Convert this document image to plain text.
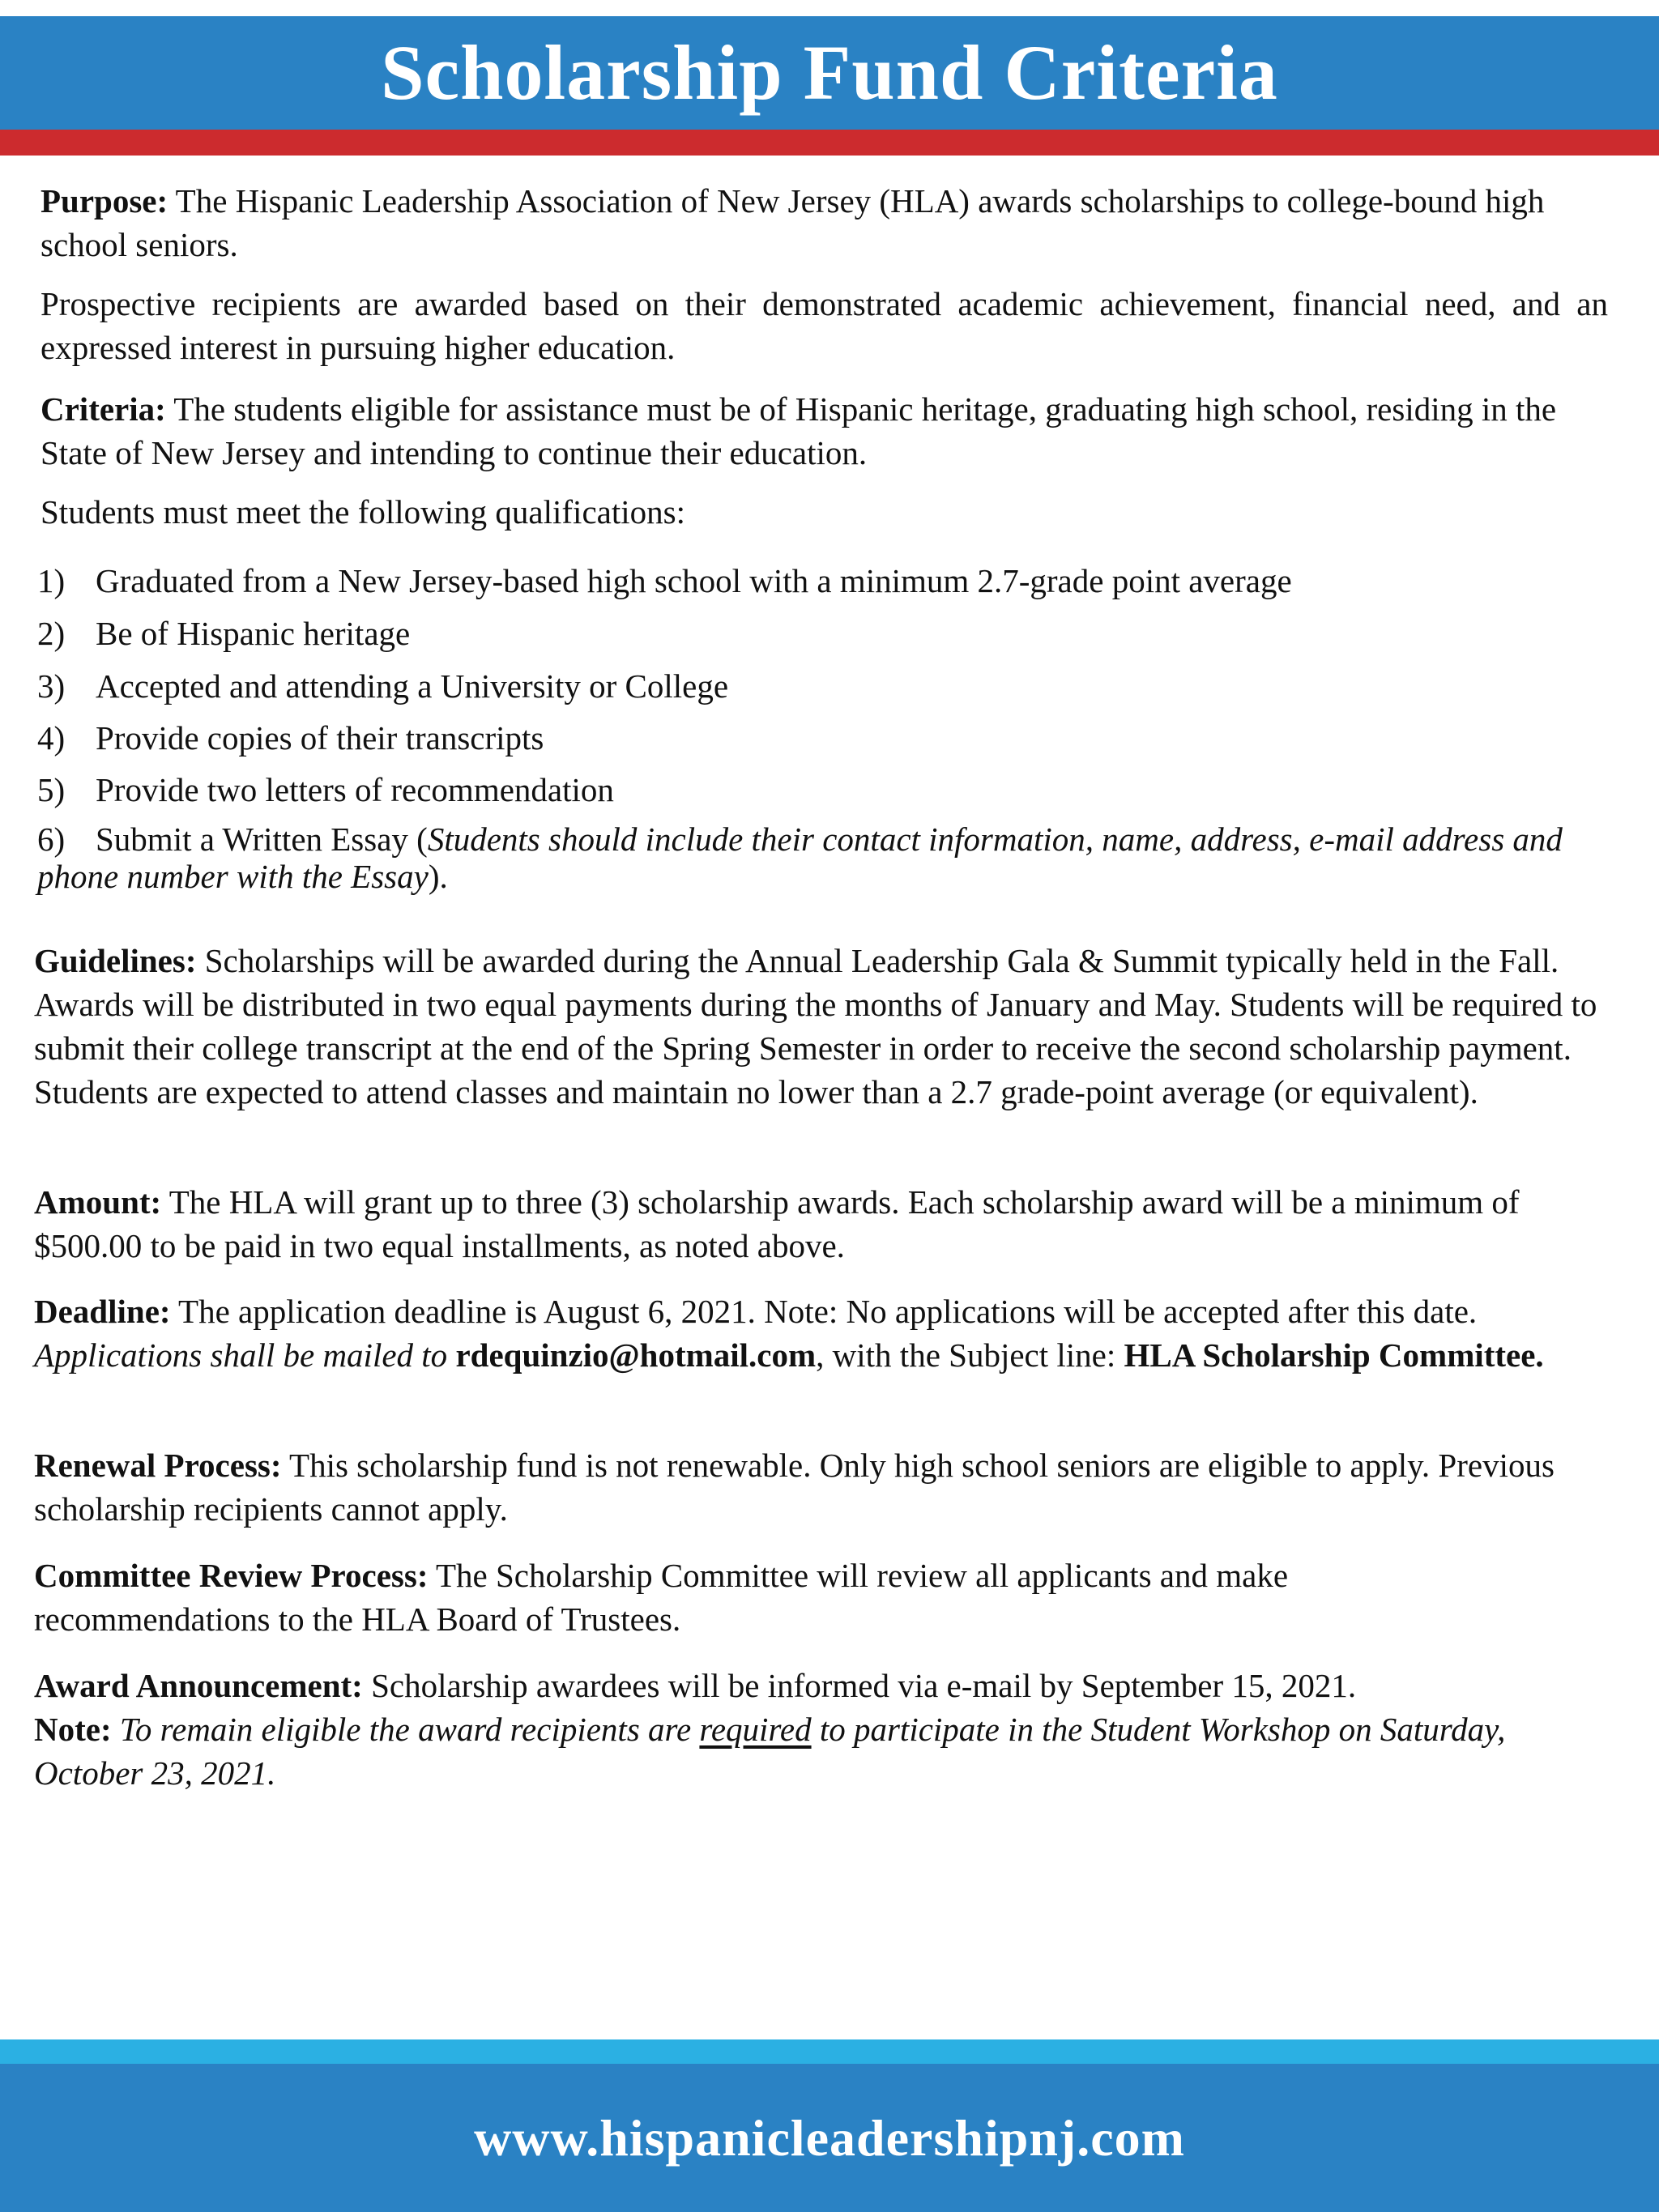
Scholarship Fund Criteria

Purpose: The Hispanic Leadership Association of New Jersey (HLA) awards scholarships to college-bound high school seniors.

Prospective recipients are awarded based on their demonstrated academic achievement, financial need, and an expressed interest in pursuing higher education.

Criteria: The students eligible for assistance must be of Hispanic heritage, graduating high school, residing in the State of New Jersey and intending to continue their education.

Students must meet the following qualifications:

1) Graduated from a New Jersey-based high school with a minimum 2.7-grade point average

2) Be of Hispanic heritage

3) Accepted and attending a University or College

4) Provide copies of their transcripts

5) Provide two letters of recommendation

6) Submit a Written Essay (Students should include their contact information, name, address, e-mail address and phone number with the Essay).

Guidelines: Scholarships will be awarded during the Annual Leadership Gala & Summit typically held in the Fall. Awards will be distributed in two equal payments during the months of January and May. Students will be required to submit their college transcript at the end of the Spring Semester in order to receive the second scholarship payment. Students are expected to attend classes and maintain no lower than a 2.7 grade-point average (or equivalent).

Amount: The HLA will grant up to three (3) scholarship awards. Each scholarship award will be a minimum of $500.00 to be paid in two equal installments, as noted above.

Deadline: The application deadline is August 6, 2021. Note: No applications will be accepted after this date. Applications shall be mailed to rdequinzio@hotmail.com, with the Subject line: HLA Scholarship Committee.

Renewal Process: This scholarship fund is not renewable. Only high school seniors are eligible to apply. Previous scholarship recipients cannot apply.

Committee Review Process: The Scholarship Committee will review all applicants and make recommendations to the HLA Board of Trustees.

Award Announcement: Scholarship awardees will be informed via e-mail by September 15, 2021.
Note: To remain eligible the award recipients are required to participate in the Student Workshop on Saturday, October 23, 2021.

www.hispanicleadershipnj.com
